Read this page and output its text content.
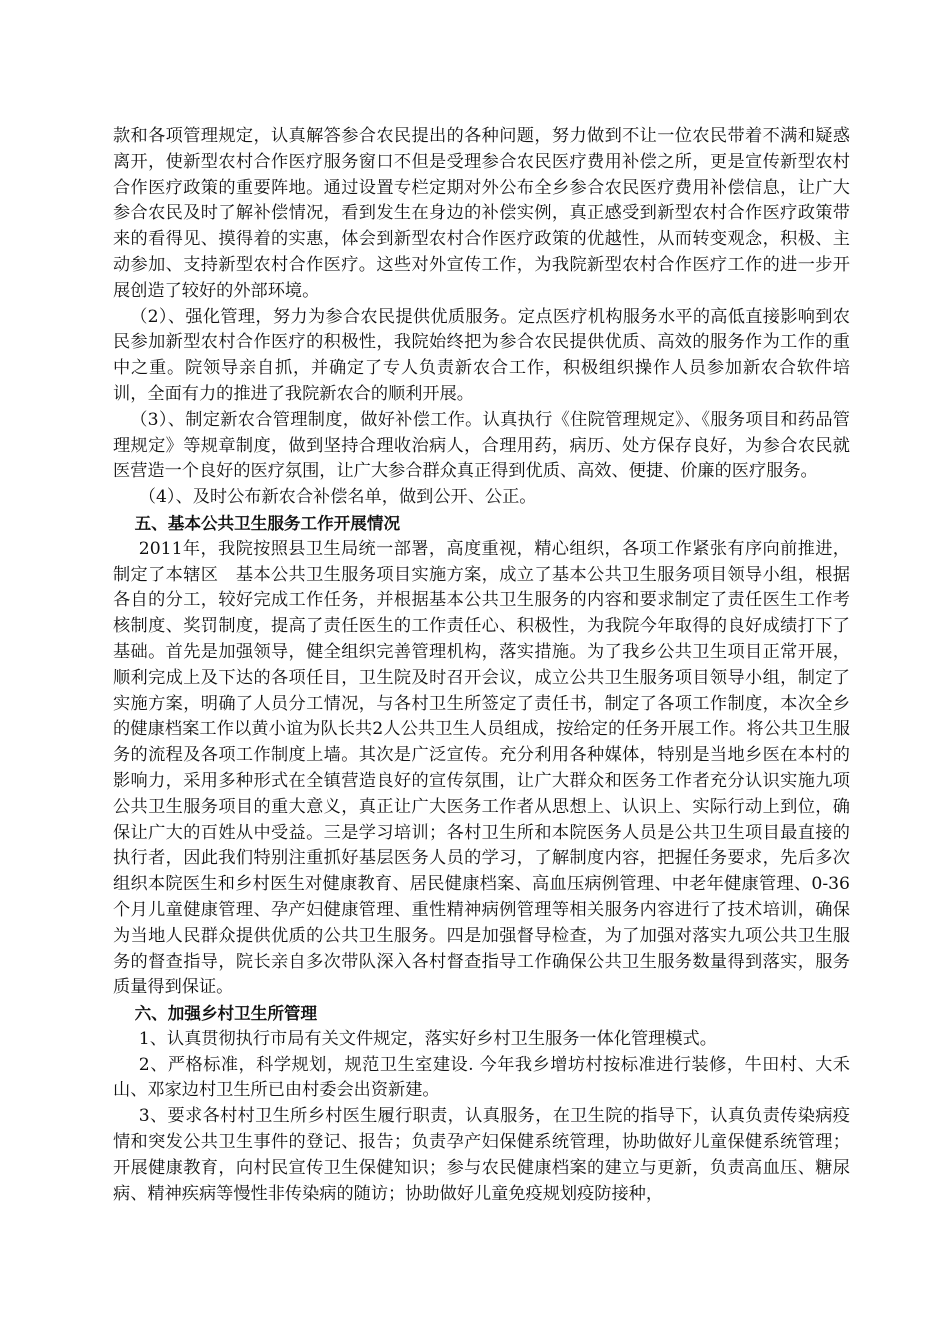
款和各项管理规定，认真解答参合农民提出的各种问题，努力做到不让一位农民带着不满和疑惑离开，使新型农村合作医疗服务窗口不但是受理参合农民医疗费用补偿之所，更是宣传新型农村合作医疗政策的重要阵地。通过设置专栏定期对外公布全乡参合农民医疗费用补偿信息，让广大参合农民及时了解补偿情况，看到发生在身边的补偿实例，真正感受到新型农村合作医疗政策带来的看得见、摸得着的实惠，体会到新型农村合作医疗政策的优越性，从而转变观念，积极、主动参加、支持新型农村合作医疗。这些对外宣传工作，为我院新型农村合作医疗工作的进一步开展创造了较好的外部环境。

（2）、强化管理，努力为参合农民提供优质服务。定点医疗机构服务水平的高低直接影响到农民参加新型农村合作医疗的积极性，我院始终把为参合农民提供优质、高效的服务作为工作的重中之重。院领导亲自抓，并确定了专人负责新农合工作，积极组织操作人员参加新农合软件培训，全面有力的推进了我院新农合的顺利开展。

（3）、制定新农合管理制度，做好补偿工作。认真执行《住院管理规定》、《服务项目和药品管理规定》等规章制度，做到坚持合理收治病人，合理用药，病历、处方保存良好，为参合农民就医营造一个良好的医疗氛围，让广大参合群众真正得到优质、高效、便捷、价廉的医疗服务。

（4）、及时公布新农合补偿名单，做到公开、公正。

五、基本公共卫生服务工作开展情况

2011年，我院按照县卫生局统一部署，高度重视，精心组织，各项工作紧张有序向前推进，制定了本辖区　基本公共卫生服务项目实施方案，成立了基本公共卫生服务项目领导小组，根据各自的分工，较好完成工作任务，并根据基本公共卫生服务的内容和要求制定了责任医生工作考核制度、奖罚制度，提高了责任医生的工作责任心、积极性，为我院今年取得的良好成绩打下了基础。首先是加强领导，健全组织完善管理机构，落实措施。为了我乡公共卫生项目正常开展，顺利完成上及下达的各项任目，卫生院及时召开会议，成立公共卫生服务项目领导小组，制定了实施方案，明确了人员分工情况，与各村卫生所签定了责任书，制定了各项工作制度，本次全乡的健康档案工作以黄小谊为队长共2人公共卫生人员组成，按给定的任务开展工作。将公共卫生服务的流程及各项工作制度上墙。其次是广泛宣传。充分利用各种媒体，特别是当地乡医在本村的影响力，采用多种形式在全镇营造良好的宣传氛围，让广大群众和医务工作者充分认识实施九项公共卫生服务项目的重大意义，真正让广大医务工作者从思想上、认识上、实际行动上到位，确保让广大的百姓从中受益。三是学习培训；各村卫生所和本院医务人员是公共卫生项目最直接的执行者，因此我们特别注重抓好基层医务人员的学习，了解制度内容，把握任务要求，先后多次组织本院医生和乡村医生对健康教育、居民健康档案、高血压病例管理、中老年健康管理、0-36个月儿童健康管理、孕产妇健康管理、重性精神病例管理等相关服务内容进行了技术培训，确保为当地人民群众提供优质的公共卫生服务。四是加强督导检查，为了加强对落实九项公共卫生服务的督查指导，院长亲自多次带队深入各村督查指导工作确保公共卫生服务数量得到落实，服务质量得到保证。

六、加强乡村卫生所管理

1、认真贯彻执行市局有关文件规定，落实好乡村卫生服务一体化管理模式。

2、严格标准，科学规划，规范卫生室建设. 今年我乡增坊村按标准进行装修，牛田村、大禾山、邓家边村卫生所已由村委会出资新建。

3、要求各村村卫生所乡村医生履行职责，认真服务，在卫生院的指导下，认真负责传染病疫情和突发公共卫生事件的登记、报告；负责孕产妇保健系统管理，协助做好儿童保健系统管理；开展健康教育，向村民宣传卫生保健知识；参与农民健康档案的建立与更新，负责高血压、糖尿病、精神疾病等慢性非传染病的随访；协助做好儿童免疫规划疫防接种，
